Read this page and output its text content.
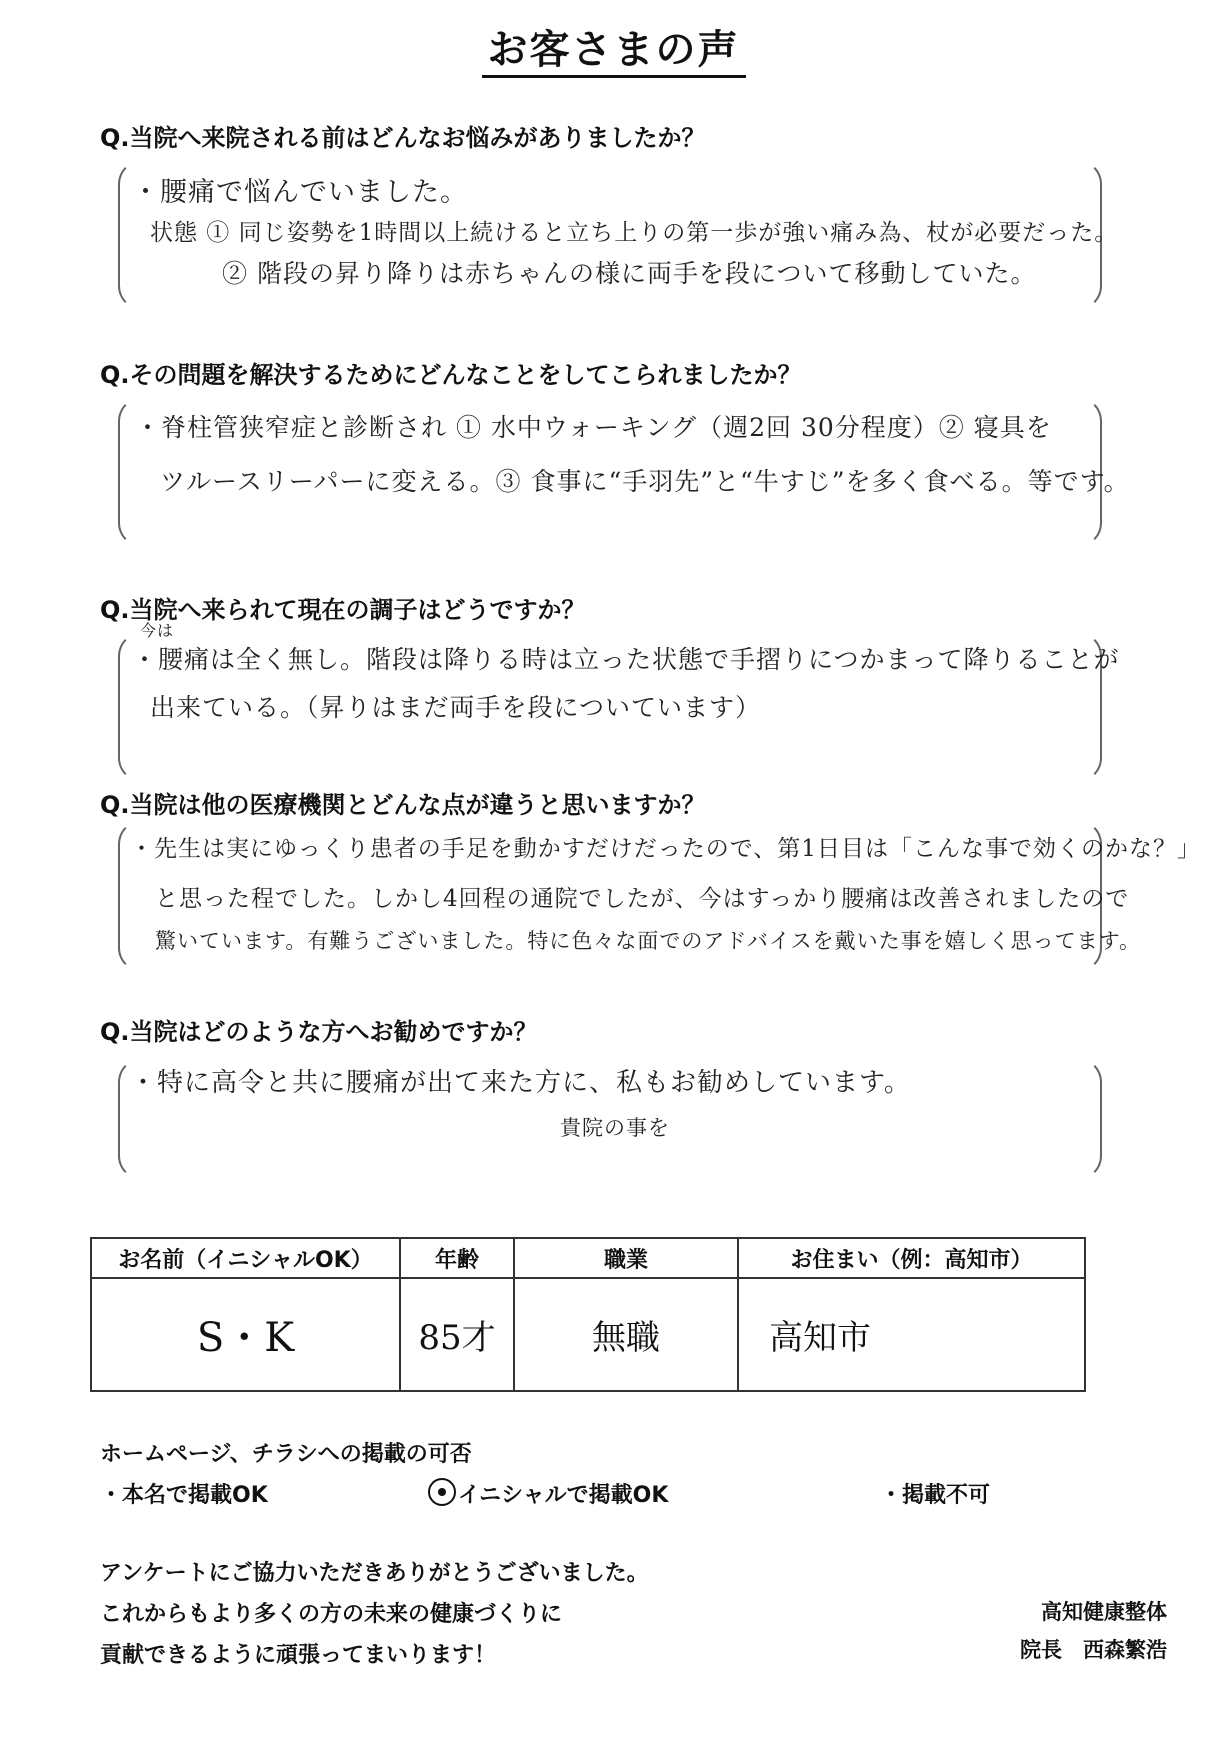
お客さまの声
Q.当院へ来院される前はどんなお悩みがありましたか？
・腰痛で悩んでいました。
状態 ① 同じ姿勢を1時間以上続けると立ち上りの第一歩が強い痛み為、杖が必要だった。
② 階段の昇り降りは赤ちゃんの様に両手を段について移動していた。
Q.その問題を解決するためにどんなことをしてこられましたか？
・脊柱管狭窄症と診断され ① 水中ウォーキング（週2回 30分程度）② 寝具を
ツルースリーパーに変える。③ 食事に“手羽先”と“牛すじ”を多く食べる。等です。
Q.当院へ来られて現在の調子はどうですか？
今は
・腰痛は全く無し。階段は降りる時は立った状態で手摺りにつかまって降りることが
出来ている。（昇りはまだ両手を段についています）
Q.当院は他の医療機関とどんな点が違うと思いますか？
・先生は実にゆっくり患者の手足を動かすだけだったので、第1日目は「こんな事で効くのかな？」
と思った程でした。しかし4回程の通院でしたが、今はすっかり腰痛は改善されましたので
驚いています。有難うございました。特に色々な面でのアドバイスを戴いた事を嬉しく思ってます。
Q.当院はどのような方へお勧めですか？
・特に高令と共に腰痛が出て来た方に、私もお勧めしています。
貴院の事を
お名前（イニシャルOK）	年齢	職業	お住まい（例：高知市）
S・K	85才	無職	高知市
ホームページ、チラシへの掲載の可否
・本名で掲載OK	イニシャルで掲載OK	・掲載不可
アンケートにご協力いただきありがとうございました。
これからもより多くの方の未来の健康づくりに
貢献できるように頑張ってまいります！
高知健康整体
院長　西森繁浩
